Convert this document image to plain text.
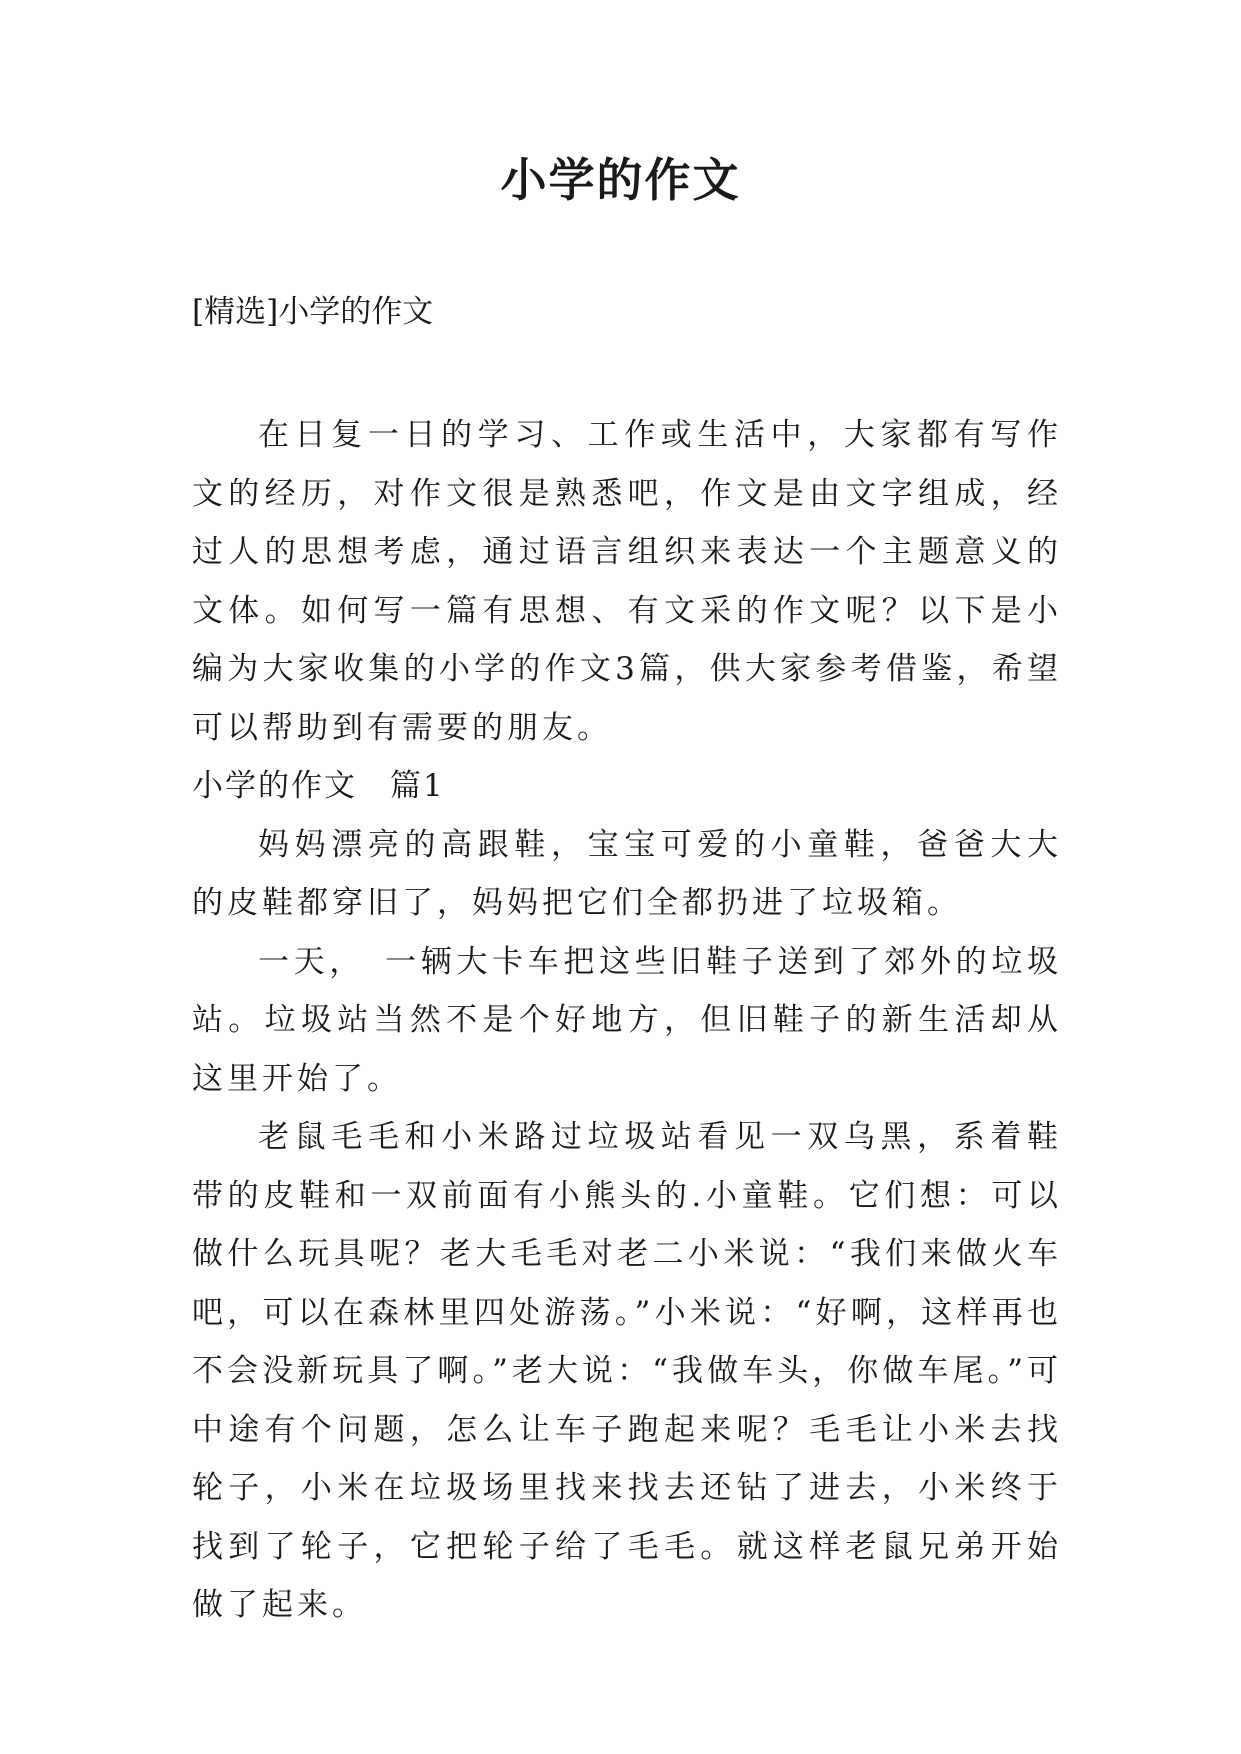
小学的作文

[精选]小学的作文

在日复一日的学习、工作或生活中，大家都有写作文的经历，对作文很是熟悉吧，作文是由文字组成，经过人的思想考虑，通过语言组织来表达一个主题意义的文体。如何写一篇有思想、有文采的作文呢？以下是小编为大家收集的小学的作文3篇，供大家参考借鉴，希望可以帮助到有需要的朋友。

小学的作文　篇1

妈妈漂亮的高跟鞋，宝宝可爱的小童鞋，爸爸大大的皮鞋都穿旧了，妈妈把它们全都扔进了垃圾箱。

一天，　一辆大卡车把这些旧鞋子送到了郊外的垃圾站。垃圾站当然不是个好地方，但旧鞋子的新生活却从这里开始了。

老鼠毛毛和小米路过垃圾站看见一双乌黑，系着鞋带的皮鞋和一双前面有小熊头的.小童鞋。它们想：可以做什么玩具呢？老大毛毛对老二小米说：“我们来做火车吧，可以在森林里四处游荡。”小米说：“好啊，这样再也不会没新玩具了啊。”老大说：“我做车头，你做车尾。”可中途有个问题，怎么让车子跑起来呢？毛毛让小米去找轮子，小米在垃圾场里找来找去还钻了进去，小米终于找到了轮子，它把轮子给了毛毛。就这样老鼠兄弟开始做了起来。
